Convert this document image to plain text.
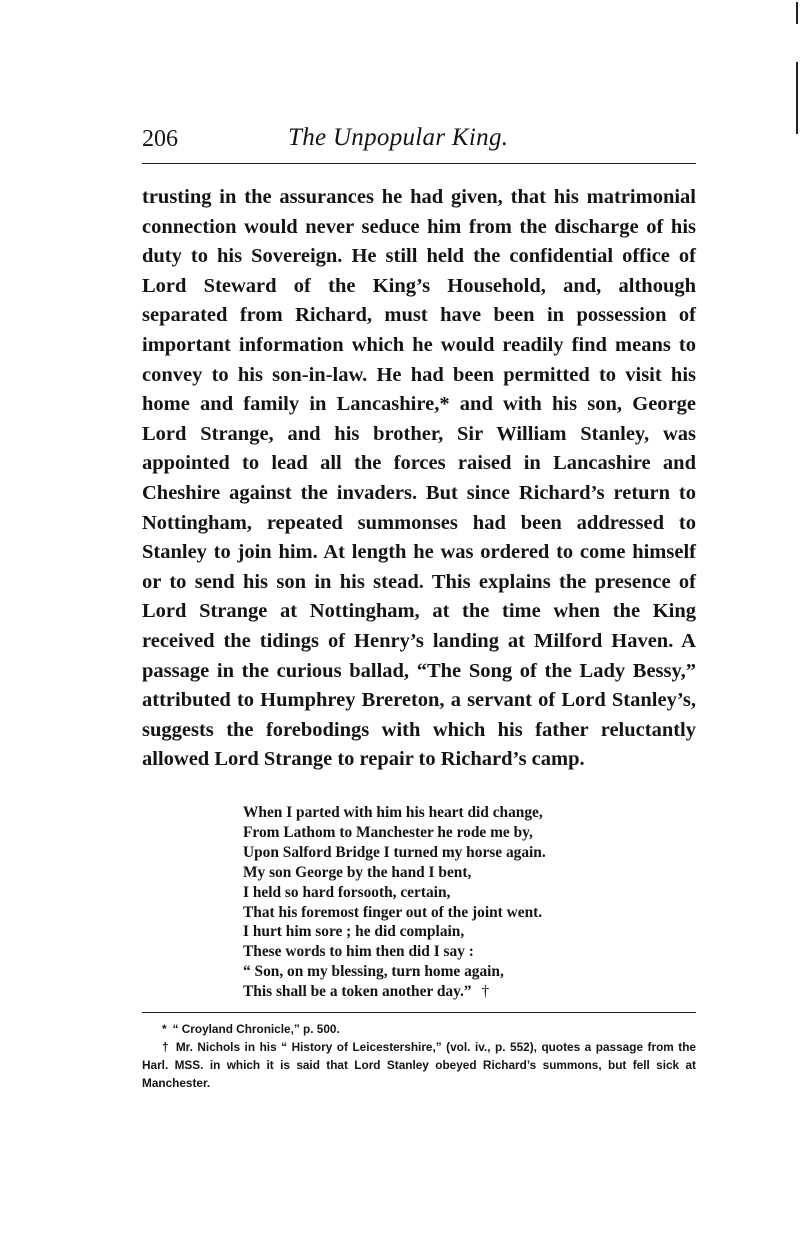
206	The Unpopular King.

trusting in the assurances he had given, that his matrimonial connection would never seduce him from the discharge of his duty to his Sovereign. He still held the confidential office of Lord Steward of the King’s Household, and, although separated from Richard, must have been in possession of important information which he would readily find means to convey to his son-in-law. He had been permitted to visit his home and family in Lancashire,* and with his son, George Lord Strange, and his brother, Sir William Stanley, was appointed to lead all the forces raised in Lancashire and Cheshire against the invaders. But since Richard’s return to Nottingham, repeated summonses had been addressed to Stanley to join him. At length he was ordered to come himself or to send his son in his stead. This explains the presence of Lord Strange at Nottingham, at the time when the King received the tidings of Henry’s landing at Milford Haven. A passage in the curious ballad, “The Song of the Lady Bessy,” attributed to Humphrey Brereton, a servant of Lord Stanley’s, suggests the forebodings with which his father reluctantly allowed Lord Strange to repair to Richard’s camp.

When I parted with him his heart did change,
From Lathom to Manchester he rode me by,
Upon Salford Bridge I turned my horse again.
My son George by the hand I bent,
I held so hard forsooth, certain,
That his foremost finger out of the joint went.
I hurt him sore ; he did complain,
These words to him then did I say :
“ Son, on my blessing, turn home again,
This shall be a token another day.” †
* “ Croyland Chronicle,” p. 500.
† Mr. Nichols in his “ History of Leicestershire,” (vol. iv., p. 552), quotes a passage from the Harl. MSS. in which it is said that Lord Stanley obeyed Richard’s summons, but fell sick at Manchester.
